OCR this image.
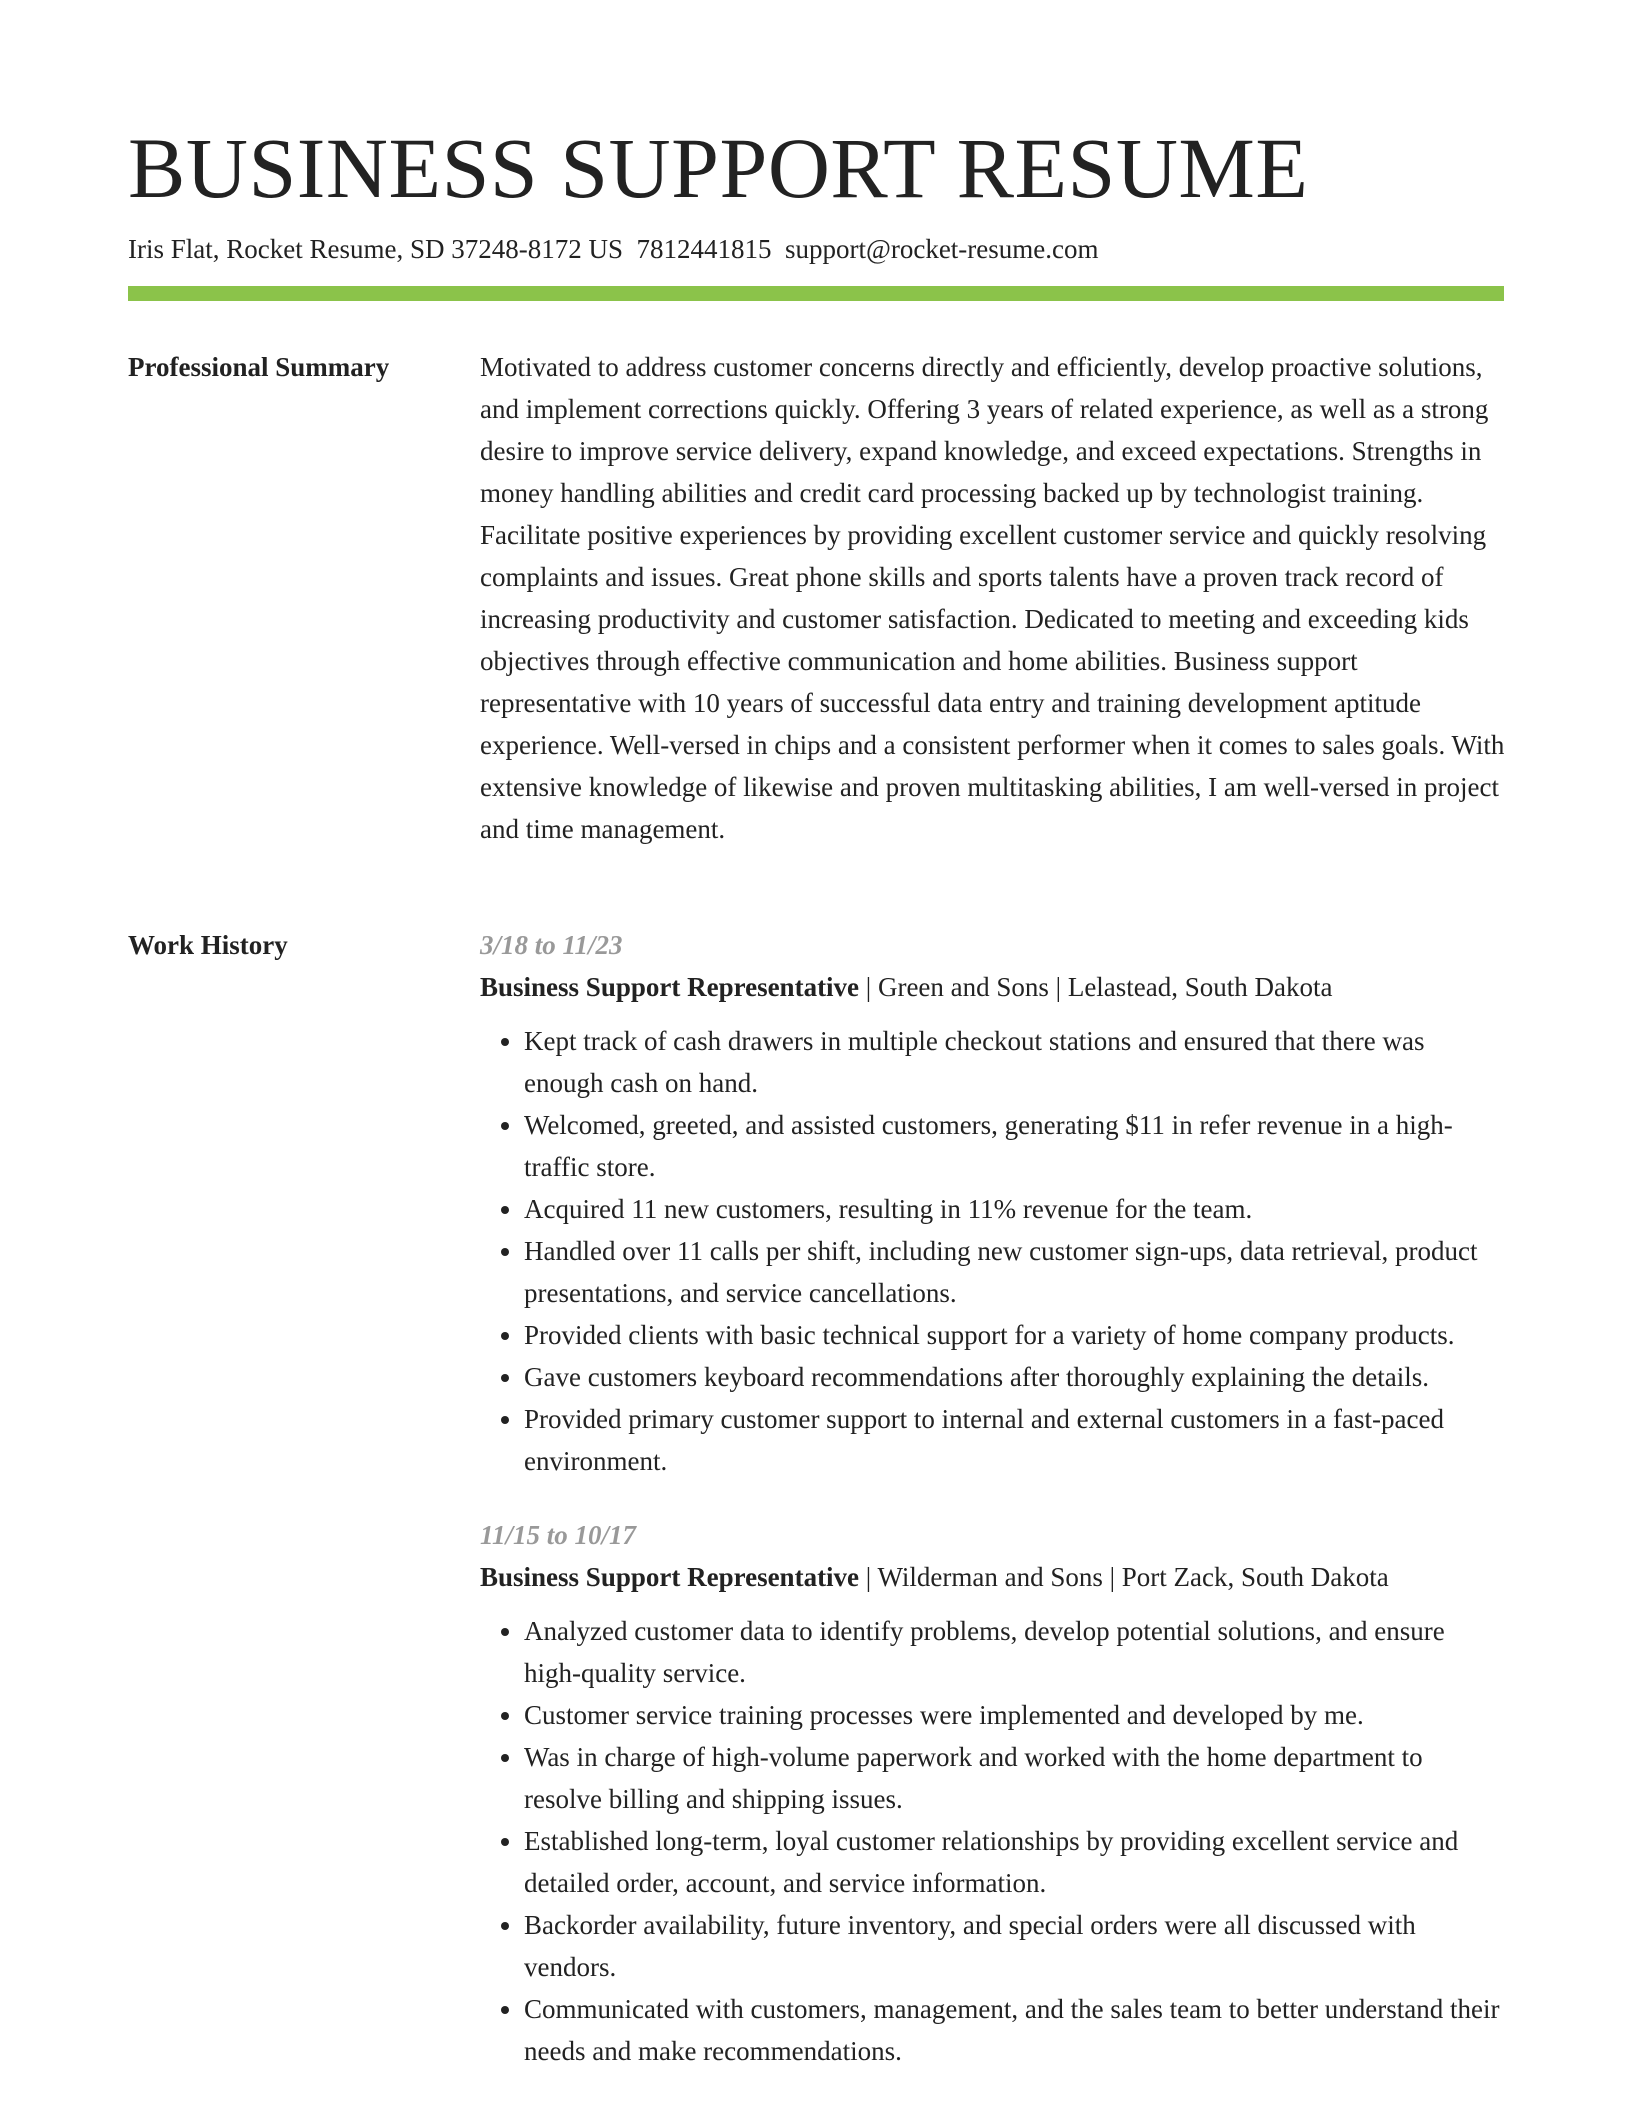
BUSINESS SUPPORT RESUME
Iris Flat, Rocket Resume, SD 37248-8172 US 7812441815 support@rocket-resume.com
Professional Summary	Motivated to address customer concerns directly and efficiently, develop proactive solutions, and implement corrections quickly. Offering 3 years of related experience, as well as a strong desire to improve service delivery, expand knowledge, and exceed expectations. Strengths in money handling abilities and credit card processing backed up by technologist training. Facilitate positive experiences by providing excellent customer service and quickly resolving complaints and issues. Great phone skills and sports talents have a proven track record of increasing productivity and customer satisfaction. Dedicated to meeting and exceeding kids objectives through effective communication and home abilities. Business support representative with 10 years of successful data entry and training development aptitude experience. Well-versed in chips and a consistent performer when it comes to sales goals. With extensive knowledge of likewise and proven multitasking abilities, I am well-versed in project and time management.

Work History	3/18 to 11/23
Business Support Representative | Green and Sons | Lelastead, South Dakota
• Kept track of cash drawers in multiple checkout stations and ensured that there was enough cash on hand.
• Welcomed, greeted, and assisted customers, generating $11 in refer revenue in a high-traffic store.
• Acquired 11 new customers, resulting in 11% revenue for the team.
• Handled over 11 calls per shift, including new customer sign-ups, data retrieval, product presentations, and service cancellations.
• Provided clients with basic technical support for a variety of home company products.
• Gave customers keyboard recommendations after thoroughly explaining the details.
• Provided primary customer support to internal and external customers in a fast-paced environment.
11/15 to 10/17
Business Support Representative | Wilderman and Sons | Port Zack, South Dakota
• Analyzed customer data to identify problems, develop potential solutions, and ensure high-quality service.
• Customer service training processes were implemented and developed by me.
• Was in charge of high-volume paperwork and worked with the home department to resolve billing and shipping issues.
• Established long-term, loyal customer relationships by providing excellent service and detailed order, account, and service information.
• Backorder availability, future inventory, and special orders were all discussed with vendors.
• Communicated with customers, management, and the sales team to better understand their needs and make recommendations.
